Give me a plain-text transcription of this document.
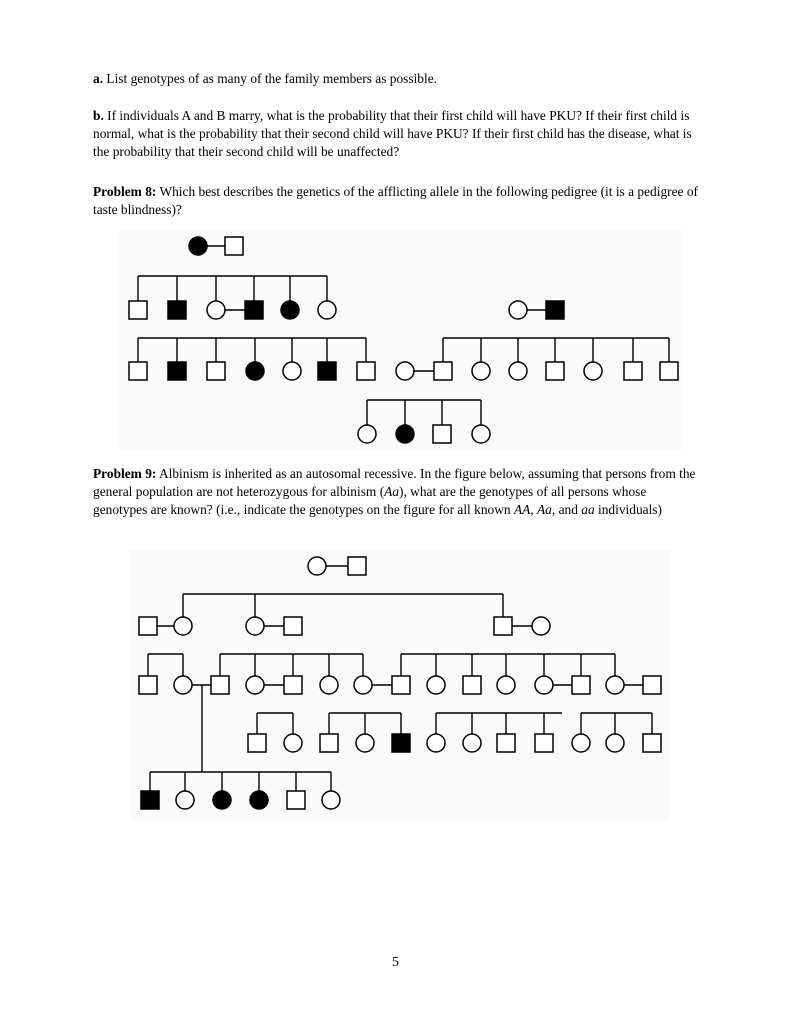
a. List genotypes of as many of the family members as possible.
b. If individuals A and B marry, what is the probability that their first child will have PKU? If their first child is normal, what is the probability that their second child will have PKU? If their first child has the disease, what is the probability that their second child will be unaffected?
Problem 8: Which best describes the genetics of the afflicting allele in the following pedigree (it is a pedigree of taste blindness)?
Problem 9: Albinism is inherited as an autosomal recessive. In the figure below, assuming that persons from the general population are not heterozygous for albinism (Aa), what are the genotypes of all persons whose genotypes are known? (i.e., indicate the genotypes on the figure for all known AA, Aa, and aa individuals)
5
